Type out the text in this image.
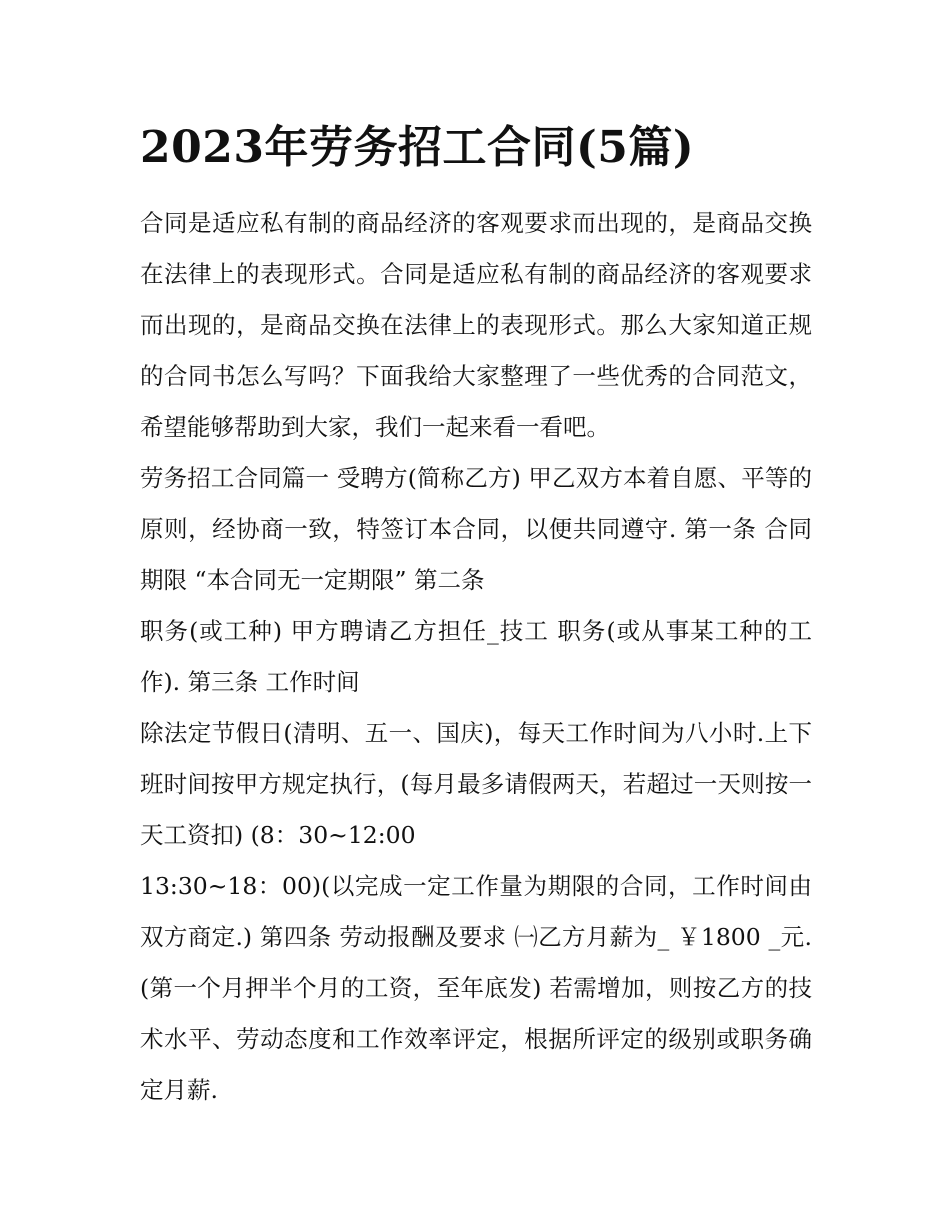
2023年劳务招工合同(5篇)

合同是适应私有制的商品经济的客观要求而出现的，是商品交换在法律上的表现形式。合同是适应私有制的商品经济的客观要求而出现的，是商品交换在法律上的表现形式。那么大家知道正规的合同书怎么写吗？下面我给大家整理了一些优秀的合同范文，希望能够帮助到大家，我们一起来看一看吧。

劳务招工合同篇一 受聘方(简称乙方) 甲乙双方本着自愿、平等的原则，经协商一致，特签订本合同，以便共同遵守. 第一条 合同期限 “本合同无一定期限” 第二条

职务(或工种) 甲方聘请乙方担任_技工 职务(或从事某工种的工作). 第三条 工作时间

除法定节假日(清明、五一、国庆)，每天工作时间为八小时.上下班时间按甲方规定执行，(每月最多请假两天，若超过一天则按一天工资扣) (8：30~12:00

13:30~18：00)(以完成一定工作量为期限的合同，工作时间由双方商定.) 第四条 劳动报酬及要求 ㈠乙方月薪为_ ￥1800 _元.(第一个月押半个月的工资，至年底发) 若需增加，则按乙方的技术水平、劳动态度和工作效率评定，根据所评定的级别或职务确定月薪.
